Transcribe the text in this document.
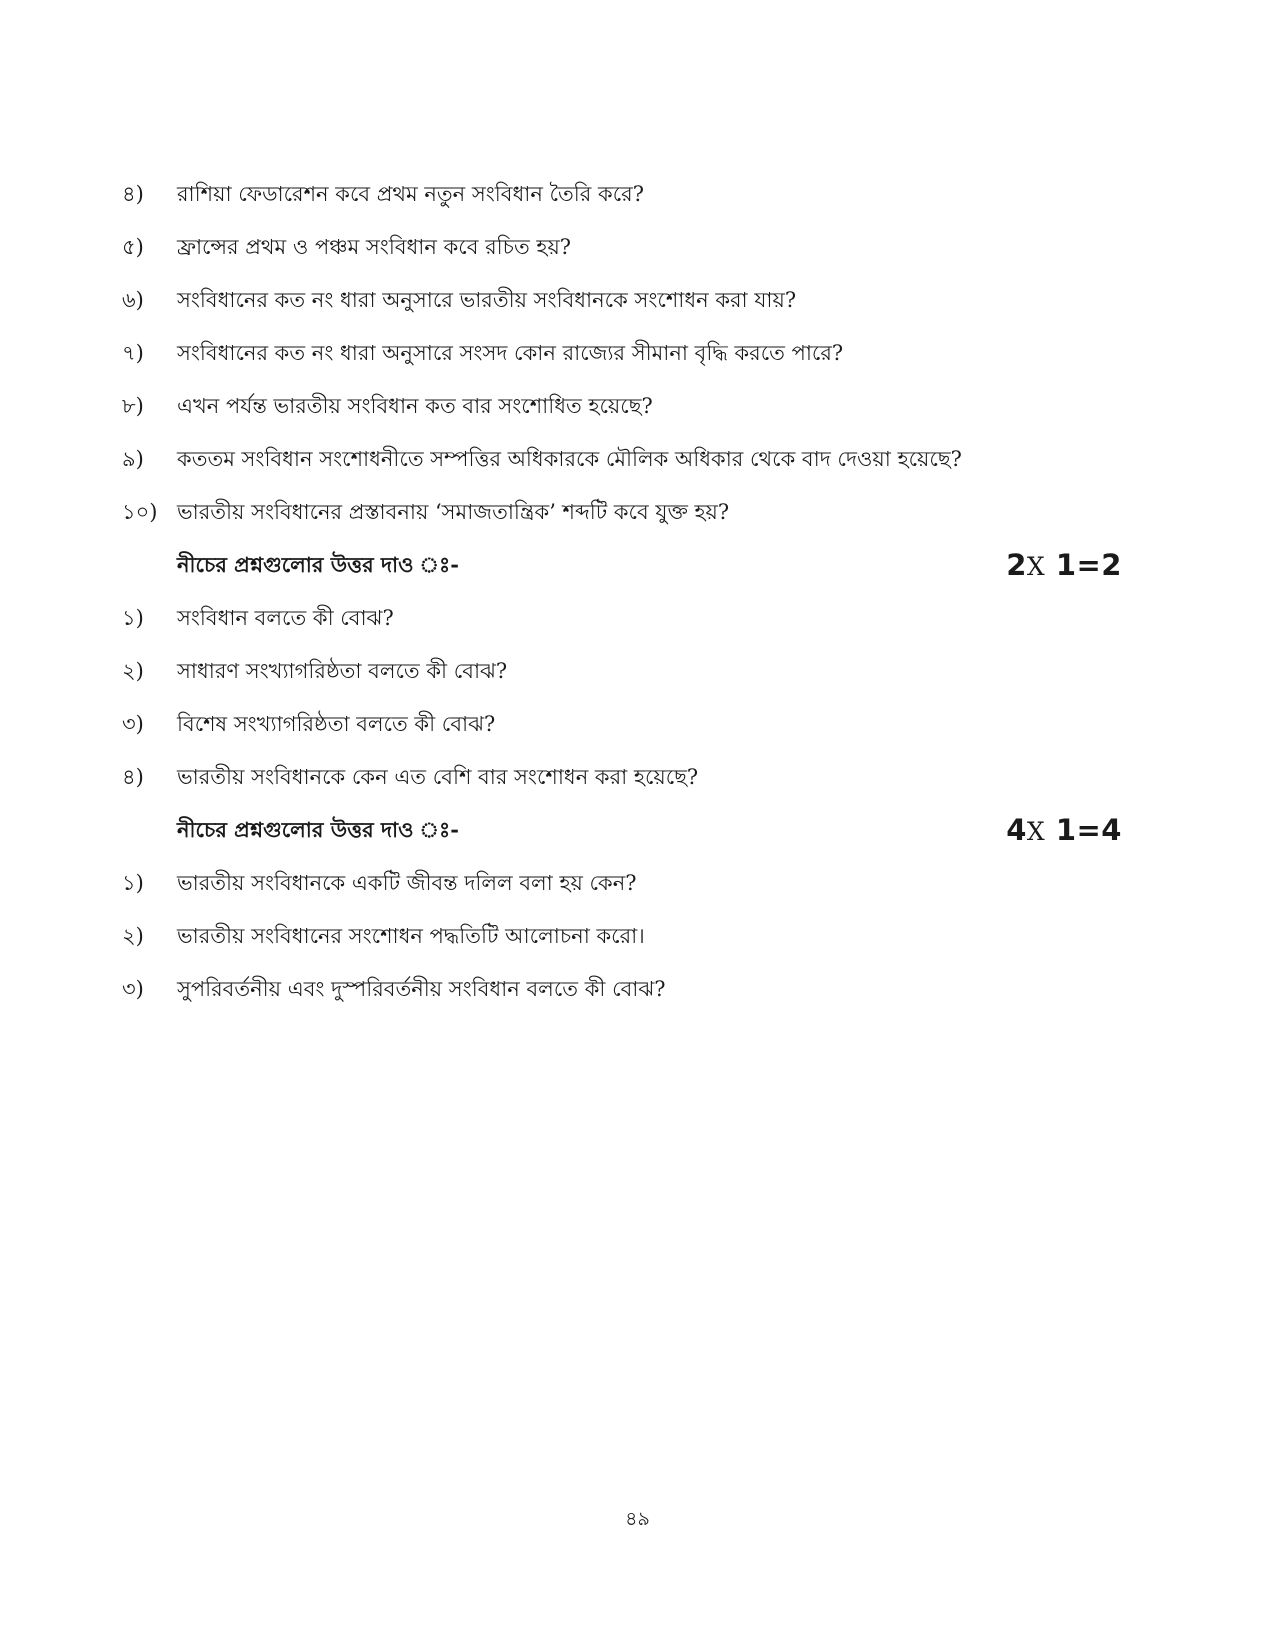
৪)	রাশিয়া ফেডারেশন কবে প্রথম নতুন সংবিধান তৈরি করে?
৫)	ফ্রান্সের প্রথম ও পঞ্চম সংবিধান কবে রচিত হয়?
৬)	সংবিধানের কত নং ধারা অনুসারে ভারতীয় সংবিধানকে সংশোধন করা যায়?
৭)	সংবিধানের কত নং ধারা অনুসারে সংসদ কোন রাজ্যের সীমানা বৃদ্ধি করতে পারে?
৮)	এখন পর্যন্ত ভারতীয় সংবিধান কত বার সংশোধিত হয়েছে?
৯)	কততম সংবিধান সংশোধনীতে সম্পত্তির অধিকারকে মৌলিক অধিকার থেকে বাদ দেওয়া হয়েছে?
১০) ভারতীয় সংবিধানের প্রস্তাবনায় ‘সমাজতান্ত্রিক’ শব্দটি কবে যুক্ত হয়?
নীচের প্রশ্নগুলোর উত্তর দাও ঃ-	2X 1=2
১)	সংবিধান বলতে কী বোঝ?
২)	সাধারণ সংখ্যাগরিষ্ঠতা বলতে কী বোঝ?
৩)	বিশেষ সংখ্যাগরিষ্ঠতা বলতে কী বোঝ?
৪)	ভারতীয় সংবিধানকে কেন এত বেশি বার সংশোধন করা হয়েছে?
নীচের প্রশ্নগুলোর উত্তর দাও ঃ-	4X 1=4
১)	ভারতীয় সংবিধানকে একটি জীবন্ত দলিল বলা হয় কেন?
২)	ভারতীয় সংবিধানের সংশোধন পদ্ধতিটি আলোচনা করো।
৩)	সুপরিবর্তনীয় এবং দুস্পরিবর্তনীয় সংবিধান বলতে কী বোঝ?
৪৯
